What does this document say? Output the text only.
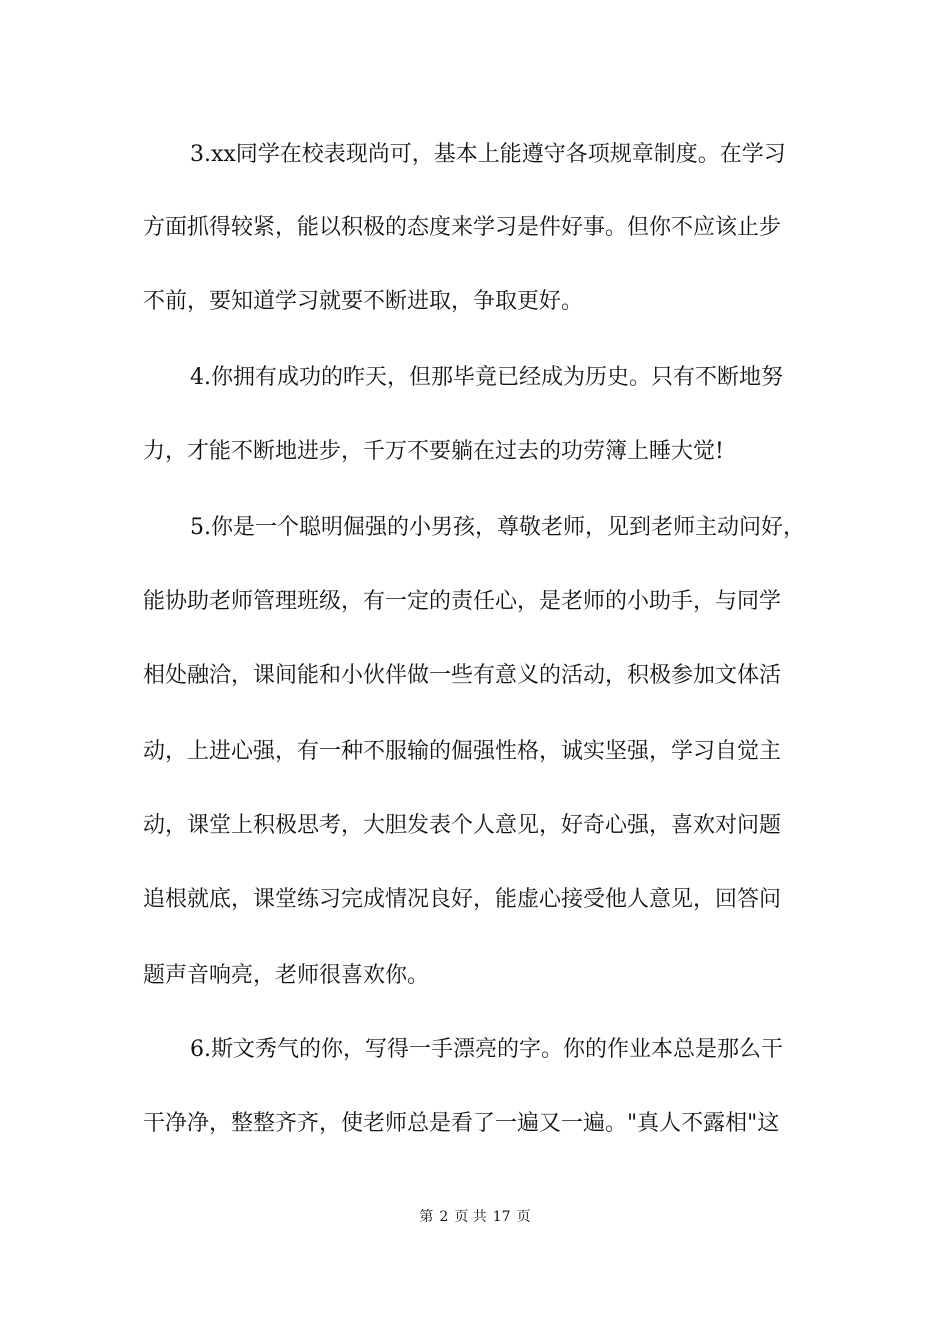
3.xx同学在校表现尚可，基本上能遵守各项规章制度。在学习
方面抓得较紧，能以积极的态度来学习是件好事。但你不应该止步
不前，要知道学习就要不断进取，争取更好。
4.你拥有成功的昨天，但那毕竟已经成为历史。只有不断地努
力，才能不断地进步，千万不要躺在过去的功劳簿上睡大觉!
5.你是一个聪明倔强的小男孩，尊敬老师，见到老师主动问好，
能协助老师管理班级，有一定的责任心，是老师的小助手，与同学
相处融洽，课间能和小伙伴做一些有意义的活动，积极参加文体活
动，上进心强，有一种不服输的倔强性格，诚实坚强，学习自觉主
动，课堂上积极思考，大胆发表个人意见，好奇心强，喜欢对问题
追根就底，课堂练习完成情况良好，能虚心接受他人意见，回答问
题声音响亮，老师很喜欢你。
6.斯文秀气的你，写得一手漂亮的字。你的作业本总是那么干
干净净，整整齐齐，使老师总是看了一遍又一遍。"真人不露相"这
第 2 页 共 17 页
